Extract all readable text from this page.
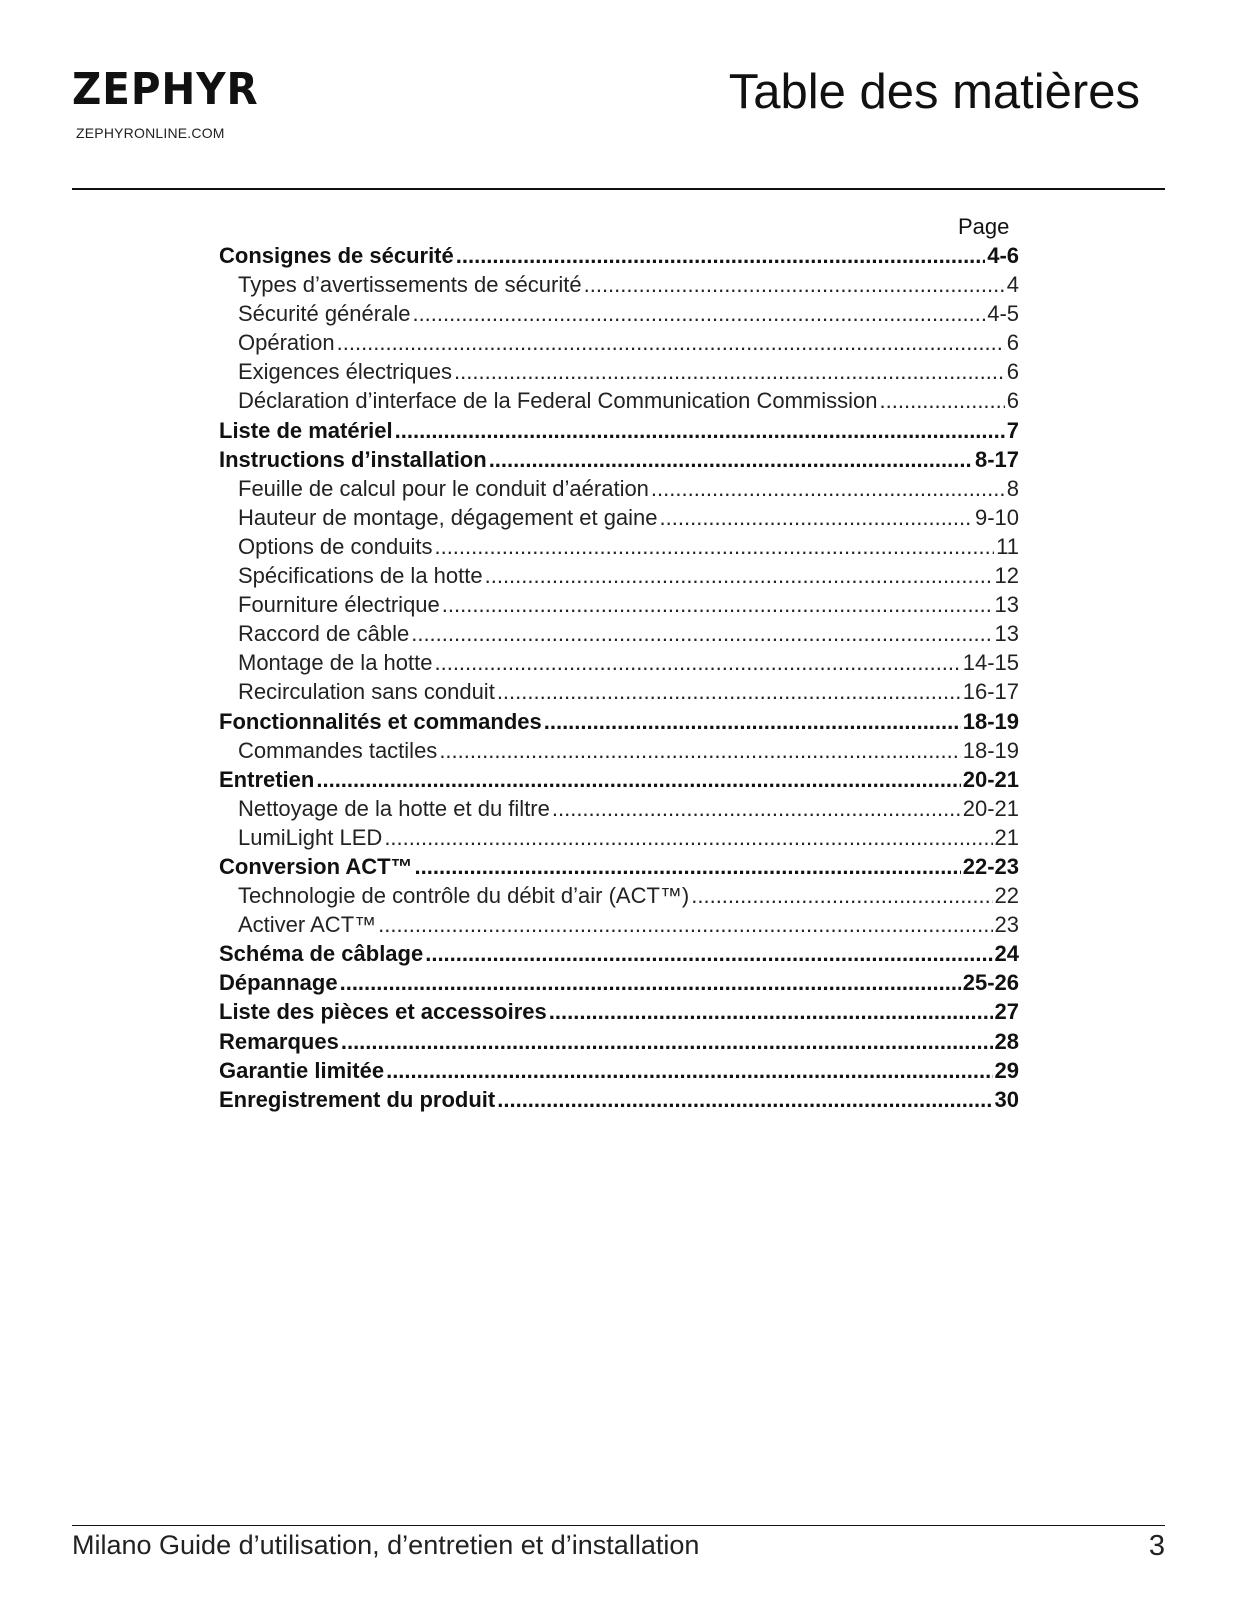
ZEPHYR
ZEPHYRONLINE.COM
Table des matières
Page
Consignes de sécurité .....	4-6
Types d’avertissements de sécurité .....	4
Sécurité générale .....	4-5
Opération .....	6
Exigences électriques .....	6
Déclaration d’interface de la Federal Communication Commission .....	6
Liste de matériel .....	7
Instructions d’installation .....	8-17
Feuille de calcul pour le conduit d’aération .....	8
Hauteur de montage, dégagement et gaine .....	9-10
Options de conduits .....	11
Spécifications de la hotte .....	12
Fourniture électrique .....	13
Raccord de câble .....	13
Montage de la hotte .....	14-15
Recirculation sans conduit .....	16-17
Fonctionnalités et commandes .....	18-19
Commandes tactiles .....	18-19
Entretien .....	20-21
Nettoyage de la hotte et du filtre .....	20-21
LumiLight LED .....	21
Conversion ACT™ .....	22-23
Technologie de contrôle du débit d’air (ACT™) .....	22
Activer ACT™ .....	23
Schéma de câblage .....	24
Dépannage .....	25-26
Liste des pièces et accessoires .....	27
Remarques .....	28
Garantie limitée .....	29
Enregistrement du produit .....	30
Milano Guide d’utilisation, d’entretien et d’installation	3
